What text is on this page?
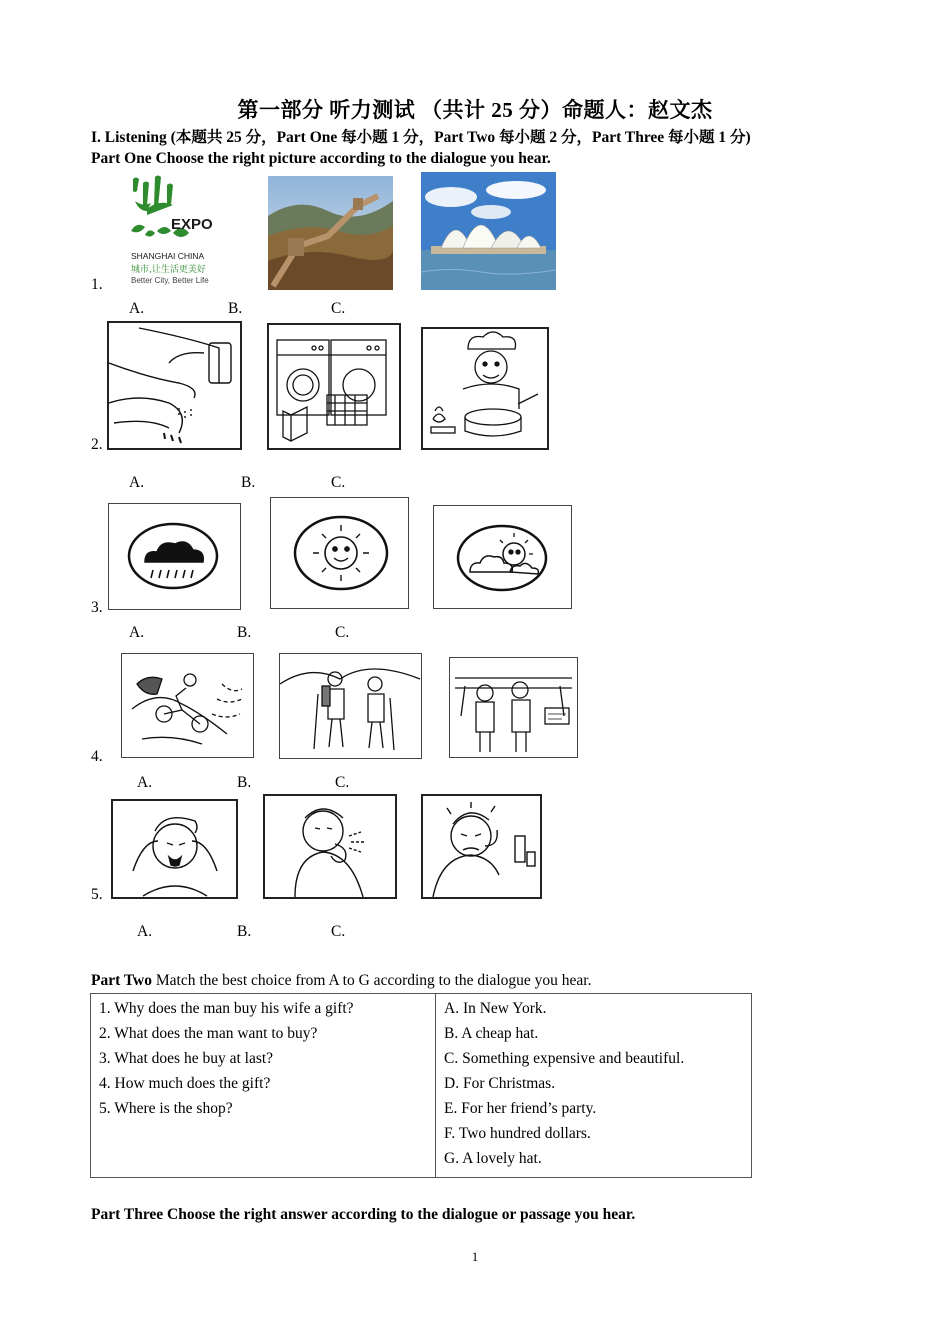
第一部分 听力测试 （共计 25 分）命题人：赵文杰
I. Listening (本题共 25 分，Part One 每小题 1 分，Part Two 每小题 2 分，Part Three 每小题 1 分)
Part One Choose the right picture according to the dialogue you hear.
1.
EXPO
SHANGHAI CHINA
城市,让生活更美好
Better City, Better Life
A.	B.	C.
2.
A.	B.	C.
3.
A.	B.	C.
4.
A.	B.	C.
5.
A.	B.	C.
Part Two Match the best choice from A to G according to the dialogue you hear.
1. Why does the man buy his wife a gift?
2. What does the man want to buy?
3. What does he buy at last?
4. How much does the gift?
5. Where is the shop?

A. In New York.
B. A cheap hat.
C. Something expensive and beautiful.
D. For Christmas.
E. For her friend’s party.
F. Two hundred dollars.
G. A lovely hat.
Part Three Choose the right answer according to the dialogue or passage you hear.
1
